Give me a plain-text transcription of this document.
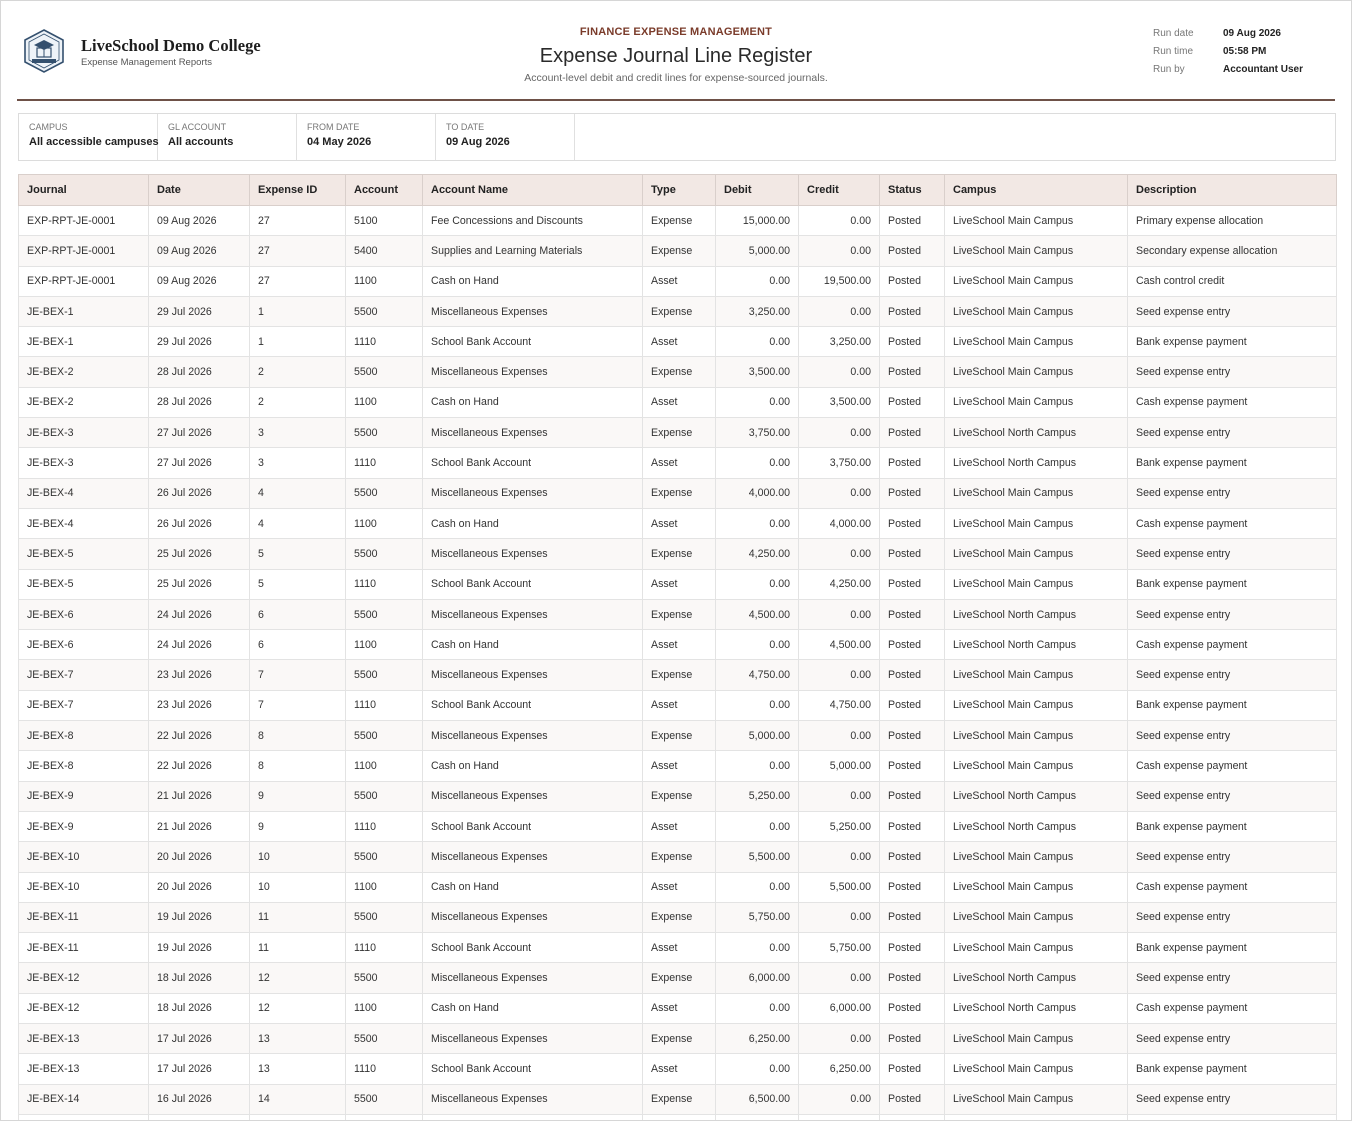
LiveSchool Demo College
Expense Management Reports
FINANCE EXPENSE MANAGEMENT
Expense Journal Line Register
Account-level debit and credit lines for expense-sourced journals.
Run date	09 Aug 2026
Run time	05:58 PM
Run by	Accountant User
CAMPUS
All accessible campuses
GL ACCOUNT
All accounts
FROM DATE
04 May 2026
TO DATE
09 Aug 2026
Journal	Date	Expense ID	Account	Account Name	Type	Debit	Credit	Status	Campus	Description
EXP-RPT-JE-0001	09 Aug 2026	27	5100	Fee Concessions and Discounts	Expense	15,000.00	0.00	Posted	LiveSchool Main Campus	Primary expense allocation
EXP-RPT-JE-0001	09 Aug 2026	27	5400	Supplies and Learning Materials	Expense	5,000.00	0.00	Posted	LiveSchool Main Campus	Secondary expense allocation
EXP-RPT-JE-0001	09 Aug 2026	27	1100	Cash on Hand	Asset	0.00	19,500.00	Posted	LiveSchool Main Campus	Cash control credit
JE-BEX-1	29 Jul 2026	1	5500	Miscellaneous Expenses	Expense	3,250.00	0.00	Posted	LiveSchool Main Campus	Seed expense entry
JE-BEX-1	29 Jul 2026	1	1110	School Bank Account	Asset	0.00	3,250.00	Posted	LiveSchool Main Campus	Bank expense payment
JE-BEX-2	28 Jul 2026	2	5500	Miscellaneous Expenses	Expense	3,500.00	0.00	Posted	LiveSchool Main Campus	Seed expense entry
JE-BEX-2	28 Jul 2026	2	1100	Cash on Hand	Asset	0.00	3,500.00	Posted	LiveSchool Main Campus	Cash expense payment
JE-BEX-3	27 Jul 2026	3	5500	Miscellaneous Expenses	Expense	3,750.00	0.00	Posted	LiveSchool North Campus	Seed expense entry
JE-BEX-3	27 Jul 2026	3	1110	School Bank Account	Asset	0.00	3,750.00	Posted	LiveSchool North Campus	Bank expense payment
JE-BEX-4	26 Jul 2026	4	5500	Miscellaneous Expenses	Expense	4,000.00	0.00	Posted	LiveSchool Main Campus	Seed expense entry
JE-BEX-4	26 Jul 2026	4	1100	Cash on Hand	Asset	0.00	4,000.00	Posted	LiveSchool Main Campus	Cash expense payment
JE-BEX-5	25 Jul 2026	5	5500	Miscellaneous Expenses	Expense	4,250.00	0.00	Posted	LiveSchool Main Campus	Seed expense entry
JE-BEX-5	25 Jul 2026	5	1110	School Bank Account	Asset	0.00	4,250.00	Posted	LiveSchool Main Campus	Bank expense payment
JE-BEX-6	24 Jul 2026	6	5500	Miscellaneous Expenses	Expense	4,500.00	0.00	Posted	LiveSchool North Campus	Seed expense entry
JE-BEX-6	24 Jul 2026	6	1100	Cash on Hand	Asset	0.00	4,500.00	Posted	LiveSchool North Campus	Cash expense payment
JE-BEX-7	23 Jul 2026	7	5500	Miscellaneous Expenses	Expense	4,750.00	0.00	Posted	LiveSchool Main Campus	Seed expense entry
JE-BEX-7	23 Jul 2026	7	1110	School Bank Account	Asset	0.00	4,750.00	Posted	LiveSchool Main Campus	Bank expense payment
JE-BEX-8	22 Jul 2026	8	5500	Miscellaneous Expenses	Expense	5,000.00	0.00	Posted	LiveSchool Main Campus	Seed expense entry
JE-BEX-8	22 Jul 2026	8	1100	Cash on Hand	Asset	0.00	5,000.00	Posted	LiveSchool Main Campus	Cash expense payment
JE-BEX-9	21 Jul 2026	9	5500	Miscellaneous Expenses	Expense	5,250.00	0.00	Posted	LiveSchool North Campus	Seed expense entry
JE-BEX-9	21 Jul 2026	9	1110	School Bank Account	Asset	0.00	5,250.00	Posted	LiveSchool North Campus	Bank expense payment
JE-BEX-10	20 Jul 2026	10	5500	Miscellaneous Expenses	Expense	5,500.00	0.00	Posted	LiveSchool Main Campus	Seed expense entry
JE-BEX-10	20 Jul 2026	10	1100	Cash on Hand	Asset	0.00	5,500.00	Posted	LiveSchool Main Campus	Cash expense payment
JE-BEX-11	19 Jul 2026	11	5500	Miscellaneous Expenses	Expense	5,750.00	0.00	Posted	LiveSchool Main Campus	Seed expense entry
JE-BEX-11	19 Jul 2026	11	1110	School Bank Account	Asset	0.00	5,750.00	Posted	LiveSchool Main Campus	Bank expense payment
JE-BEX-12	18 Jul 2026	12	5500	Miscellaneous Expenses	Expense	6,000.00	0.00	Posted	LiveSchool North Campus	Seed expense entry
JE-BEX-12	18 Jul 2026	12	1100	Cash on Hand	Asset	0.00	6,000.00	Posted	LiveSchool North Campus	Cash expense payment
JE-BEX-13	17 Jul 2026	13	5500	Miscellaneous Expenses	Expense	6,250.00	0.00	Posted	LiveSchool Main Campus	Seed expense entry
JE-BEX-13	17 Jul 2026	13	1110	School Bank Account	Asset	0.00	6,250.00	Posted	LiveSchool Main Campus	Bank expense payment
JE-BEX-14	16 Jul 2026	14	5500	Miscellaneous Expenses	Expense	6,500.00	0.00	Posted	LiveSchool Main Campus	Seed expense entry
